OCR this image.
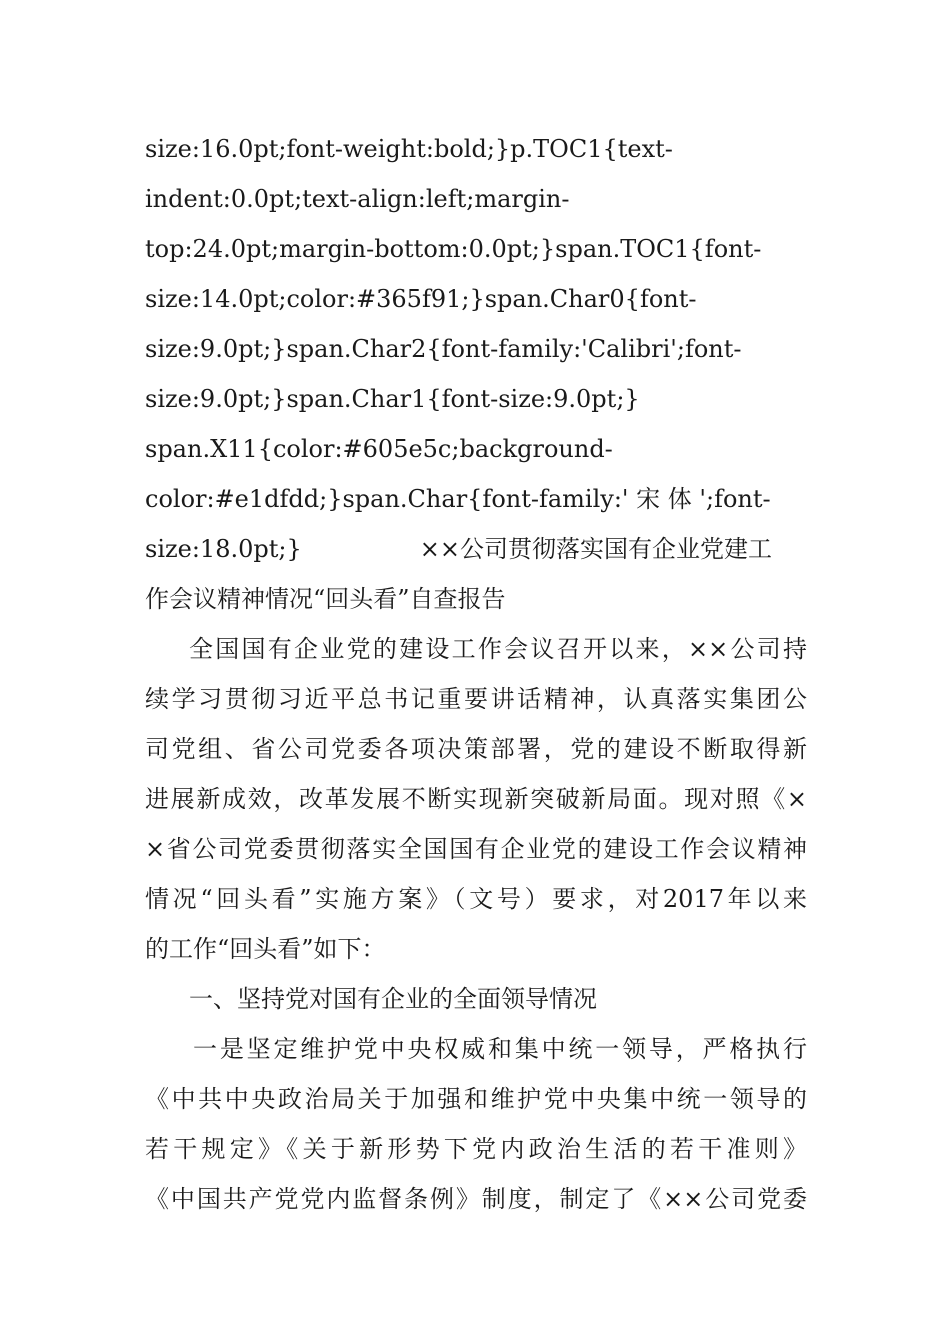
size:16.0pt;font-weight:bold;}p.TOC1{text-
indent:0.0pt;text-align:left;margin-
top:24.0pt;margin-bottom:0.0pt;}span.TOC1{font-
size:14.0pt;color:#365f91;}span.Char0{font-
size:9.0pt;}span.Char2{font-family:'Calibri';font-
size:9.0pt;}span.Char1{font-size:9.0pt;}
span.X11{color:#605e5c;background-
color:#e1dfdd;}span.Char{font-family:' 宋 体 ';font-
size:18.0pt;}	××公司贯彻落实国有企业党建工
作会议精神情况“回头看”自查报告
全国国有企业党的建设工作会议召开以来，××公司持
续学习贯彻习近平总书记重要讲话精神，认真落实集团公
司党组、省公司党委各项决策部署，党的建设不断取得新
进展新成效，改革发展不断实现新突破新局面。现对照《×
×省公司党委贯彻落实全国国有企业党的建设工作会议精神
情况“回头看”实施方案》（文号）要求，对2017年以来
的工作“回头看”如下：
一、坚持党对国有企业的全面领导情况
一是坚定维护党中央权威和集中统一领导，严格执行
《中共中央政治局关于加强和维护党中央集中统一领导的
若干规定》《关于新形势下党内政治生活的若干准则》
《中国共产党党内监督条例》制度，制定了《××公司党委
